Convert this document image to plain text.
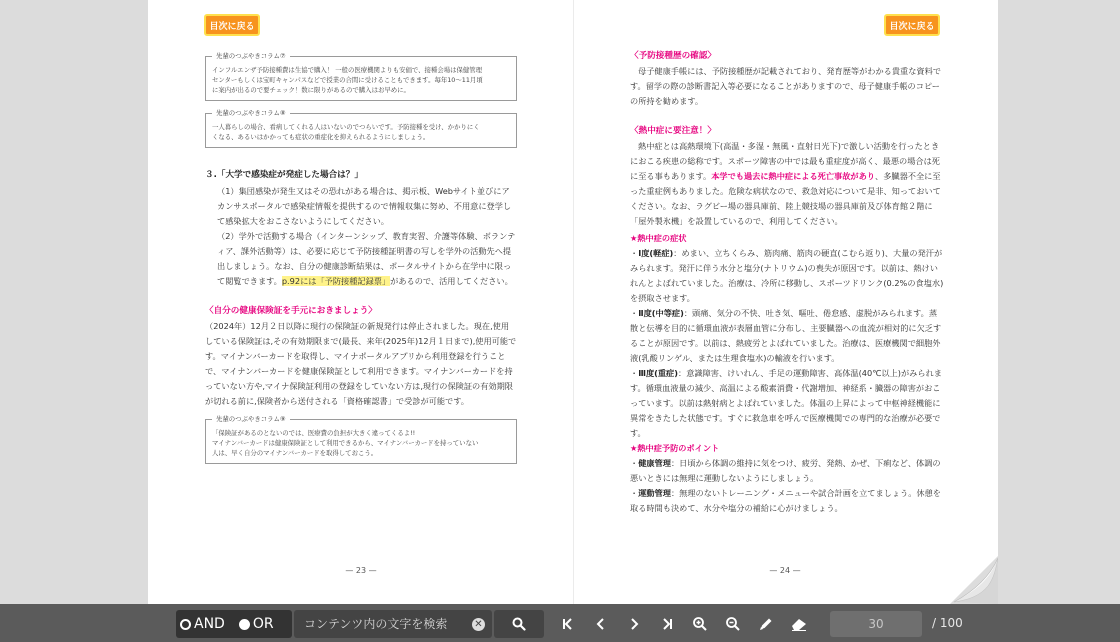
目次に戻る
先輩のつぶやきコラム⑦
インフルエンザ予防接種費は生協で購入！ 一般の医療機関よりも安価で、接種会場は保健管理
センターもしくは宝町キャンパスなどで授業の合間に受けることもできます。毎年10～11月頃
に案内が出るので要チェック！数に限りがあるので購入はお早めに。
先輩のつぶやきコラム⑧
一人暮らしの場合、看病してくれる人はいないのでつらいです。予防接種を受け、かかりにく
くなる、あるいはかかっても症状の重症化を抑えられるようにしましょう。
３.「大学で感染症が発症した場合は？」
（1）集団感染が発生又はその恐れがある場合は、掲示板、Webサイト並びにアカンサスポータルで感染症情報を提供するので情報収集に努め、不用意に登学して感染拡大をおこさないようにしてください。
（2）学外で活動する場合（インターンシップ、教育実習、介護等体験、ボランティア、課外活動等）は、必要に応じて予防接種証明書の写しを学外の活動先へ提出しましょう。なお、自分の健康診断結果は、ポータルサイトから在学中に限って閲覧できます。p.92には「予防接種記録票」があるので、活用してください。
〈自分の健康保険証を手元におきましょう〉
（2024年）12月２日以降に現行の保険証の新規発行は停止されました。現在,使用している保険証は,その有効期限まで(最長、来年(2025年)12月１日まで),使用可能です。マイナンバーカードを取得し、マイナポータルアプリから利用登録を行うことで、マイナンバーカードを健康保険証として利用できます。マイナンバーカードを持っていない方や,マイナ保険証利用の登録をしていない方は,現行の保険証の有効期限が切れる前に,保険者から送付される「資格確認書」で受診が可能です。
先輩のつぶやきコラム⑨
「保険証があるのとないのでは、医療費の負担が大きく違ってくるよ!!
マイナンバーカードは健康保険証として利用できるから、マイナンバーカードを持っていない
人は、早く自分のマイナンバーカードを取得しておこう。
— 23 —
目次に戻る
〈予防接種歴の確認〉
母子健康手帳には、予防接種歴が記載されており、発育歴等がわかる貴重な資料です。留学の際の診断書記入等必要になることがありますので、母子健康手帳のコピーの所持を勧めます。
〈熱中症に要注意！〉
熱中症とは高熱環境下(高温・多湿・無風・直射日光下)で激しい活動を行ったときにおこる疾患の総称です。スポーツ障害の中では最も重症度が高く、最悪の場合は死に至る事もあります。本学でも過去に熱中症による死亡事故があり、多臓器不全に至った重症例もありました。危険な病状なので、救急対応について是非、知っておいてください。なお、ラグビー場の器具庫前、陸上競技場の器具庫前及び体育館２階に「屋外製氷機」を設置しているので、利用してください。
★熱中症の症状
・Ⅰ度(軽症)：めまい、立ちくらみ、筋肉痛、筋肉の硬直(こむら返り)、大量の発汗がみられます。発汗に伴う水分と塩分(ナトリウム)の喪失が原因です。以前は、熱けいれんとよばれていました。治療は、冷所に移動し、スポーツドリンク(0.2%の食塩水)を摂取させます。
・Ⅱ度(中等症)：頭痛、気分の不快、吐き気、嘔吐、倦怠感、虚脱がみられます。蒸散と伝導を目的に循環血液が表層血管に分布し、主要臓器への血流が相対的に欠乏することが原因です。以前は、熱疲労とよばれていました。治療は、医療機関で細胞外液(乳酸リンゲル、または生理食塩水)の輸液を行います。
・Ⅲ度(重症)：意識障害、けいれん、手足の運動障害、高体温(40℃以上)がみられます。循環血液量の減少、高温による酸素消費・代謝増加、神経系・臓器の障害がおこっています。以前は熱射病とよばれていました。体温の上昇によって中枢神経機能に異常をきたした状態です。すぐに救急車を呼んで医療機関での専門的な治療が必要です。
★熱中症予防のポイント
・健康管理：日頃から体調の維持に気をつけ、疲労、発熱、かぜ、下痢など、体調の悪いときには無理に運動しないようにしましょう。
・運動管理：無理のないトレーニング・メニューや試合計画を立てましょう。休憩を取る時間も決めて、水分や塩分の補給に心がけましょう。
— 24 —
AND OR
コンテンツ内の文字を検索	✕	30	/ 100
